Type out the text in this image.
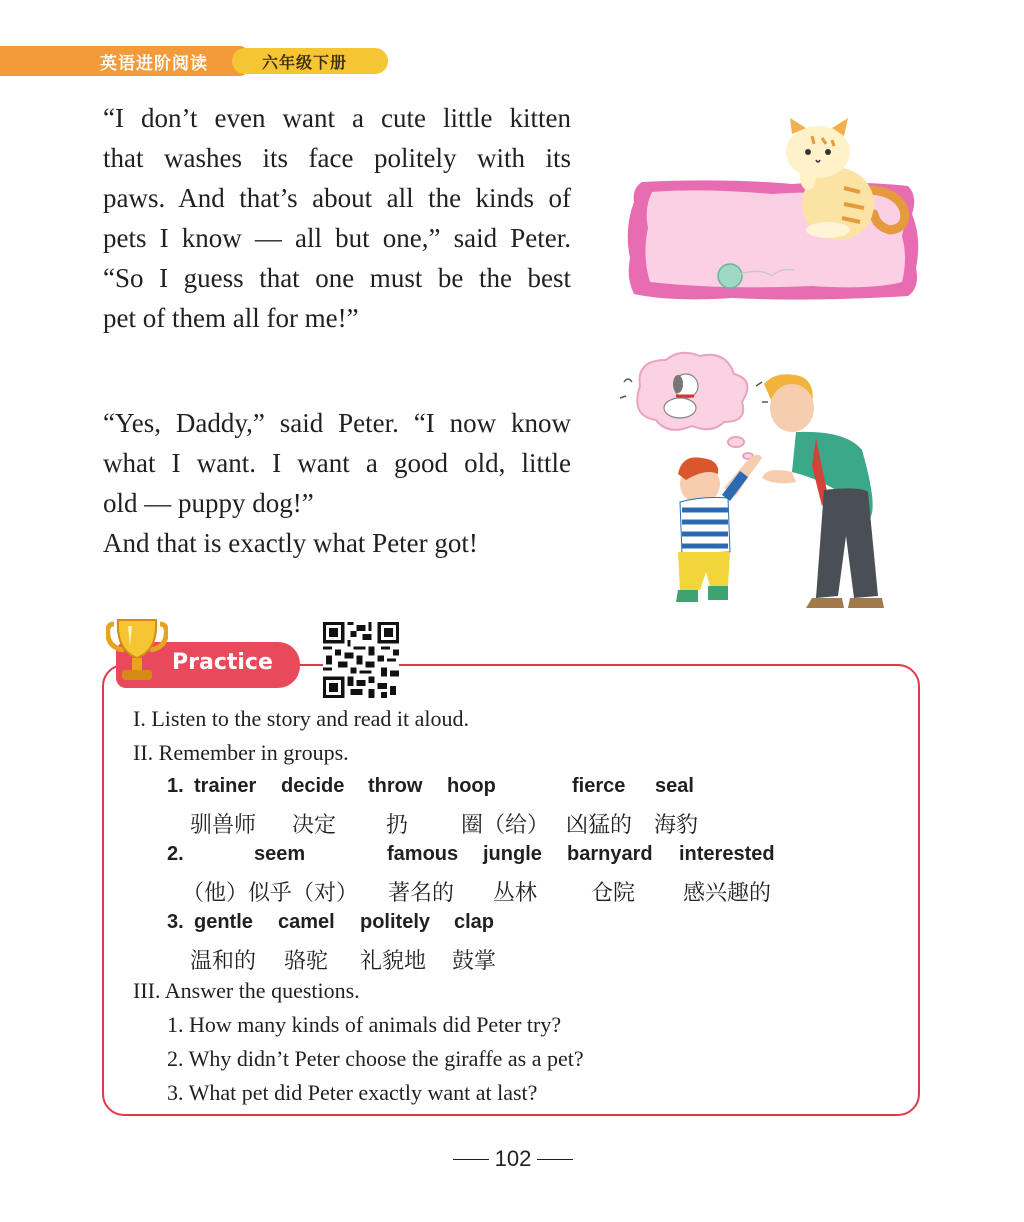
英语进阶阅读	六年级下册

“I don’t even want a cute little kitten
that washes its face politely with its
paws. And that’s about all the kinds of
pets I know — all but one,” said Peter.
“So I guess that one must be the best
pet of them all for me!”

“Yes, Daddy,” said Peter. “I now know
what I want. I want a good old, little
old — puppy dog!”
And that is exactly what Peter got!

Practice
I. Listen to the story and read it aloud.
II. Remember in groups.
1. trainer decide throw hoop	fierce seal
驯兽师 决定 扔 圈（给） 凶猛的 海豹
2.	seem	famous jungle barnyard interested
（他）似乎（对） 著名的 丛林 仓院 感兴趣的
3. gentle camel politely clap
温和的 骆驼 礼貌地 鼓掌
III. Answer the questions.
1. How many kinds of animals did Peter try?
2. Why didn’t Peter choose the giraffe as a pet?
3. What pet did Peter exactly want at last?
102
